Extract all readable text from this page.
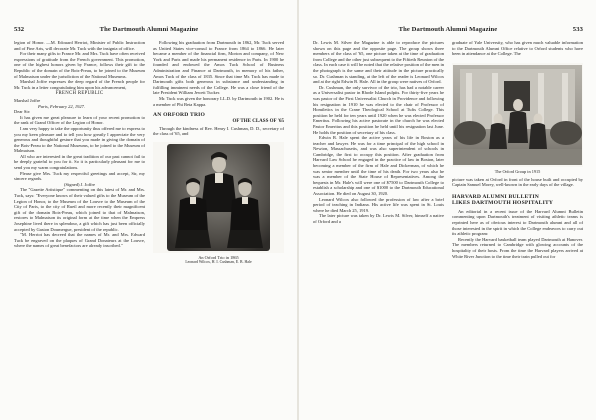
532	The Dartmouth Alumni Magazine

legion of Honor. —M. Edouard Herriot, Minister of Public Instruction and of Fine Arts, will decorate Mr. Tuck with the insignia of office.

For their many gifts to France Mr. and Mrs. Tuck have often received expressions of gratitude from the French government. This promotion, one of the highest honors given by France, follows their gift to the Republic of the domain of the Bois-Preau, to be joined to the Museum of Malmaison under the jurisdiction of the National Museums.

Marshal Joffre expresses the deep regard of the French people for Mr. Tuck in a letter congratulating him upon his advancement,

FRENCH REPUBLIC

Marshal Joffre

Paris, February 22, 1927.

Dear Sir:

It has given me great pleasure to learn of your recent promotion to the rank of Grand Officer of the Legion of Honor.

I am very happy to take the opportunity thus offered me to express to you my keen pleasure and to tell you how greatly I appreciate the very generous and thoughtful gesture that you made in giving the domain of the Bois-Preau to the National Museums, to be joined to the Museum of Malmaison.

All who are interested in the great tradition of our past cannot fail to be deeply grateful to you for it. So it is particularly pleasant for me to send you my warm congratulations.

Please give Mrs. Tuck my respectful greetings and accept, Sir, my sincere regards.

(Signed) J. Joffre

The "Gazette Artistique" commenting on this latest of Mr. and Mrs. Tuck, says: "Everyone knows of their valued gifts to the Museum of the Legion of Honor, to the Museum of the Louvre to the Museum of the City of Paris, to the city of Rueil and more recently their magnificent gift of the domain Bois-Preau, which joined to that of Malmaison, restores to Malmaison its original form at the time when the Empress Josephine lived there in splendour, a gift which has just been officially accepted by Gaston Doumergue, president of the republic.

"M. Herriot has decreed that the names of Mr. and Mrs. Edward Tuck be engraved on the plaques of Grand Donateurs at the Louvre, where the names of great benefactors are already inscribed."

Following his graduation from Dartmouth in 1862, Mr. Tuck served as United States vice-consul to France from 1864 to 1866. He later became a member of the financial firm, Morton and company, of New York and Paris and made his permanent residence in Paris. In 1900 he founded and endowed the Amos Tuck School of Business Administration and Finance at Dartmouth, in memory of his father, Amos Tuck of the class of 1835. Since that time Mr. Tuck has made to Dartmouth gifts both generous in substance and understanding in fulfilling imminent needs of the College. He was a close friend of the late President William Jewett Tucker.

Mr. Tuck was given the honorary LL.D. by Dartmouth in 1902. He is a member of Phi Beta Kappa.

AN ORFORD TRIO
OF THE CLASS OF '65

Through the kindness of Rev. Henry I. Cushman, D. D., secretary of the class of '65, and

An Orford Trio in 1865
Leonard Wilcox, H. I. Cushman, E. B. Hale
The Dartmouth Alumni Magazine	533

Dr. Lewis M. Silver the Magazine is able to reproduce the pictures shown on this page and the opposite page. The group shows three members of the class of '65, one picture taken at the time of graduation from College and the other just subsequent to the Fiftieth Reunion of the class. In each case it will be noted that the relative position of the men in the photograph is the same and their attitude in the picture practically so. Dr. Cushman is standing, at the left of the reader is Leonard Wilcox and at the right Edwin B. Hale. All in the group were natives of Orford.

Dr. Cushman, the only survivor of the trio, has had a notable career as a Universalist pastor in Rhode Island pulpits. For thirty-five years he was pastor of the First Universalist Church in Providence and following his resignation in 1910 he was elected to the chair of Professor of Homiletics in the Crane Theological School at Tufts College. This position he held for ten years until 1920 when he was elected Professor Emeritus. Following his active pastorate in the church he was elected Pastor Emeritus and this position he held until his resignation last June. He holds the position of secretary of his class.

Edwin B. Hale spent the active years of his life in Boston as a teacher and lawyer. He was for a time principal of the high school in Newton, Massachusetts, and was also superintendent of schools in Cambridge, the first to occupy this position. After graduation from Harvard Law School he engaged in the practice of law in Boston, later becoming a member of the firm of Hale and Dickerman, of which he was senior member until the time of his death. For two years also he was a member of the State House of Representatives. Among the bequests in Mr. Hale's will were one of $7500 to Dartmouth College to establish a scholarship and one of $1000 to the Dartmouth Educational Association. He died on August 30, 1920.

Leonard Wilcox also followed the profession of law after a brief period of teaching in Indiana. His active life was spent in St. Louis where he died March 25, 1919.

The later picture was taken by Dr. Lewis M. Silver, himself a native of Orford and a

graduate of Yale University, who has given much valuable information to the Dartmouth Alumni Office relative to Orford students who have been in attendance at the College. The

The Orford Group in 1915

picture was taken at Orford in front of the house built and occupied by Captain Samuel Morey, well-known in the early days of the village.

HARVARD ALUMNI BULLETIN
LIKES DARTMOUTH HOSPITALITY

An editorial in a recent issue of the Harvard Alumni Bulletin commenting upon Dartmouth's treatment of visiting athletic teams is reprinted here as of obvious interest to Dartmouth alumni and all of those interested in the spirit in which the College endeavors to carry out its athletic program:

Recently the Harvard basketball team played Dartmouth at Hanover. The members returned to Cambridge with glowing accounts of the hospitality of their hosts. From the time the Harvard players arrived at White River Junction to the time their train pulled out for
